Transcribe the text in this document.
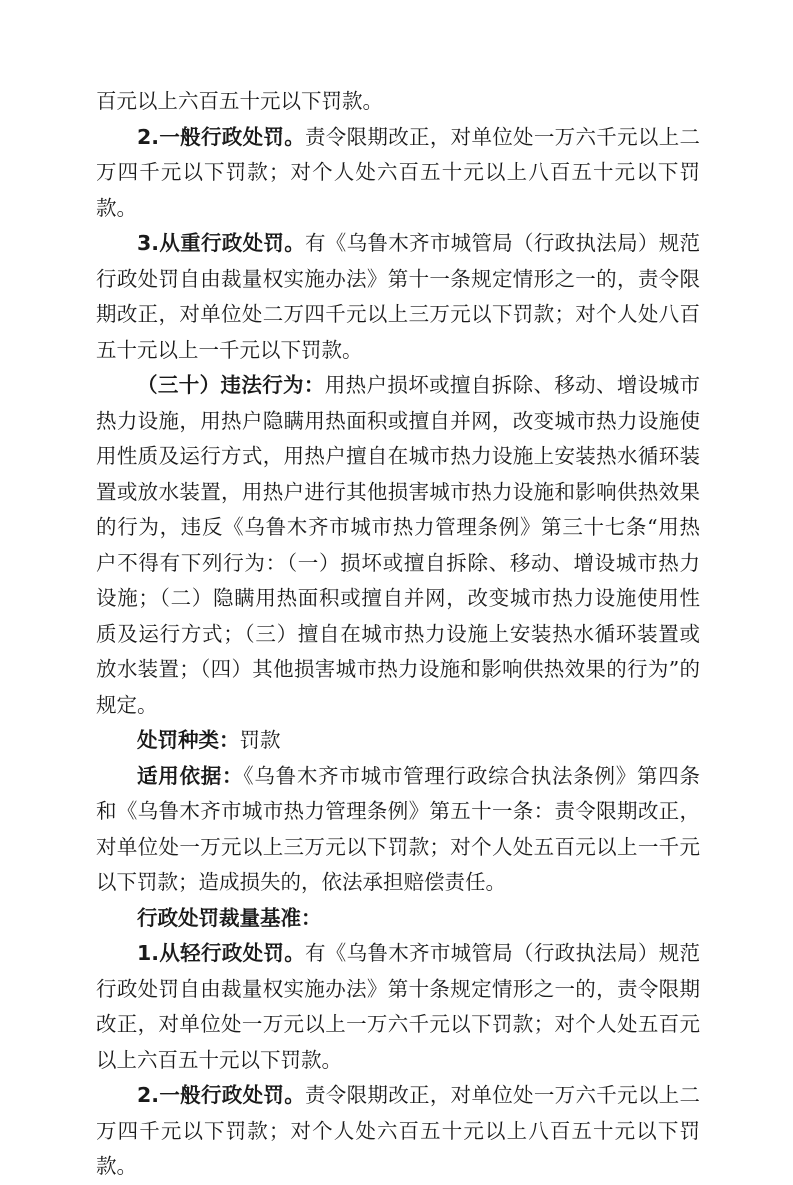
百元以上六百五十元以下罚款。

2.一般行政处罚。责令限期改正，对单位处一万六千元以上二万四千元以下罚款；对个人处六百五十元以上八百五十元以下罚款。

3.从重行政处罚。有《乌鲁木齐市城管局（行政执法局）规范行政处罚自由裁量权实施办法》第十一条规定情形之一的，责令限期改正，对单位处二万四千元以上三万元以下罚款；对个人处八百五十元以上一千元以下罚款。

（三十）违法行为：用热户损坏或擅自拆除、移动、增设城市热力设施，用热户隐瞒用热面积或擅自并网，改变城市热力设施使用性质及运行方式，用热户擅自在城市热力设施上安装热水循环装置或放水装置，用热户进行其他损害城市热力设施和影响供热效果的行为，违反《乌鲁木齐市城市热力管理条例》第三十七条“用热户不得有下列行为：（一）损坏或擅自拆除、移动、增设城市热力设施；（二）隐瞒用热面积或擅自并网，改变城市热力设施使用性质及运行方式；（三）擅自在城市热力设施上安装热水循环装置或放水装置；（四）其他损害城市热力设施和影响供热效果的行为”的规定。

处罚种类：罚款

适用依据：《乌鲁木齐市城市管理行政综合执法条例》第四条和《乌鲁木齐市城市热力管理条例》第五十一条：责令限期改正，对单位处一万元以上三万元以下罚款；对个人处五百元以上一千元以下罚款；造成损失的，依法承担赔偿责任。

行政处罚裁量基准：

1.从轻行政处罚。有《乌鲁木齐市城管局（行政执法局）规范行政处罚自由裁量权实施办法》第十条规定情形之一的，责令限期改正，对单位处一万元以上一万六千元以下罚款；对个人处五百元以上六百五十元以下罚款。

2.一般行政处罚。责令限期改正，对单位处一万六千元以上二万四千元以下罚款；对个人处六百五十元以上八百五十元以下罚款。
